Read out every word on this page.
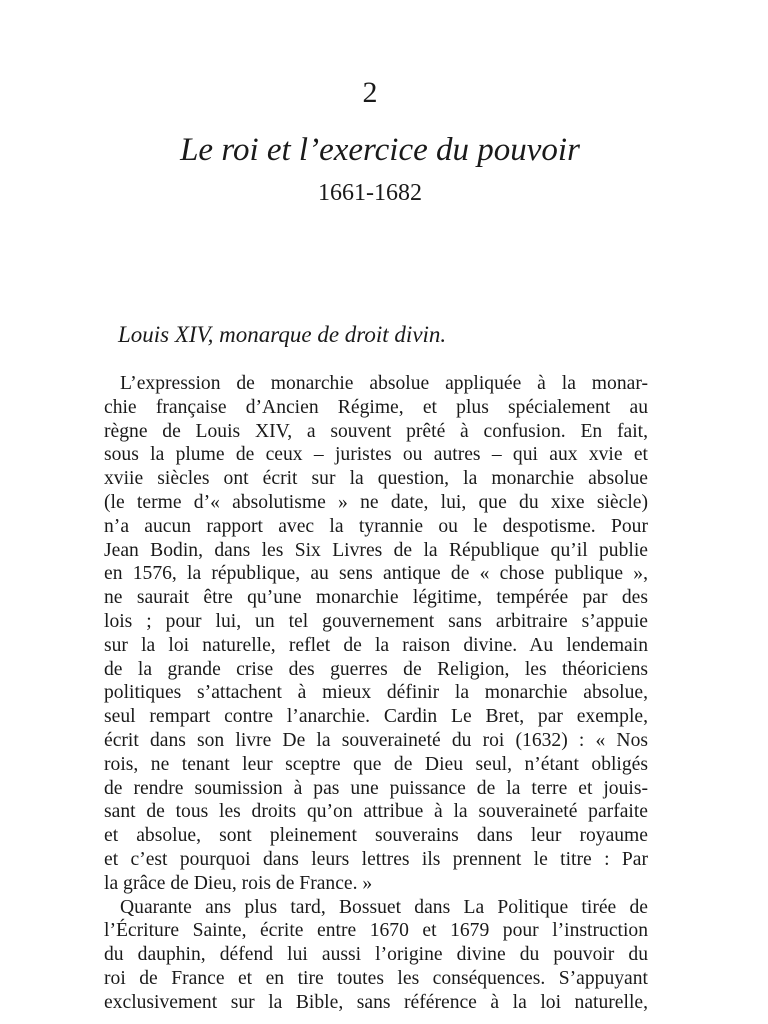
2
Le roi et l’exercice du pouvoir
1661-1682
Louis XIV, monarque de droit divin.
L’expression de monarchie absolue appliquée à la monar-
chie française d’Ancien Régime, et plus spécialement au
règne de Louis XIV, a souvent prêté à confusion. En fait,
sous la plume de ceux – juristes ou autres – qui aux xvie et
xviie siècles ont écrit sur la question, la monarchie absolue
(le terme d’« absolutisme » ne date, lui, que du xixe siècle)
n’a aucun rapport avec la tyrannie ou le despotisme. Pour
Jean Bodin, dans les Six Livres de la République qu’il publie
en 1576, la république, au sens antique de « chose publique »,
ne saurait être qu’une monarchie légitime, tempérée par des
lois ; pour lui, un tel gouvernement sans arbitraire s’appuie
sur la loi naturelle, reflet de la raison divine. Au lendemain
de la grande crise des guerres de Religion, les théoriciens
politiques s’attachent à mieux définir la monarchie absolue,
seul rempart contre l’anarchie. Cardin Le Bret, par exemple,
écrit dans son livre De la souveraineté du roi (1632) : « Nos
rois, ne tenant leur sceptre que de Dieu seul, n’étant obligés
de rendre soumission à pas une puissance de la terre et jouis-
sant de tous les droits qu’on attribue à la souveraineté parfaite
et absolue, sont pleinement souverains dans leur royaume
et c’est pourquoi dans leurs lettres ils prennent le titre : Par
la grâce de Dieu, rois de France. »
Quarante ans plus tard, Bossuet dans La Politique tirée de
l’Écriture Sainte, écrite entre 1670 et 1679 pour l’instruction
du dauphin, défend lui aussi l’origine divine du pouvoir du
roi de France et en tire toutes les conséquences. S’appuyant
exclusivement sur la Bible, sans référence à la loi naturelle,
